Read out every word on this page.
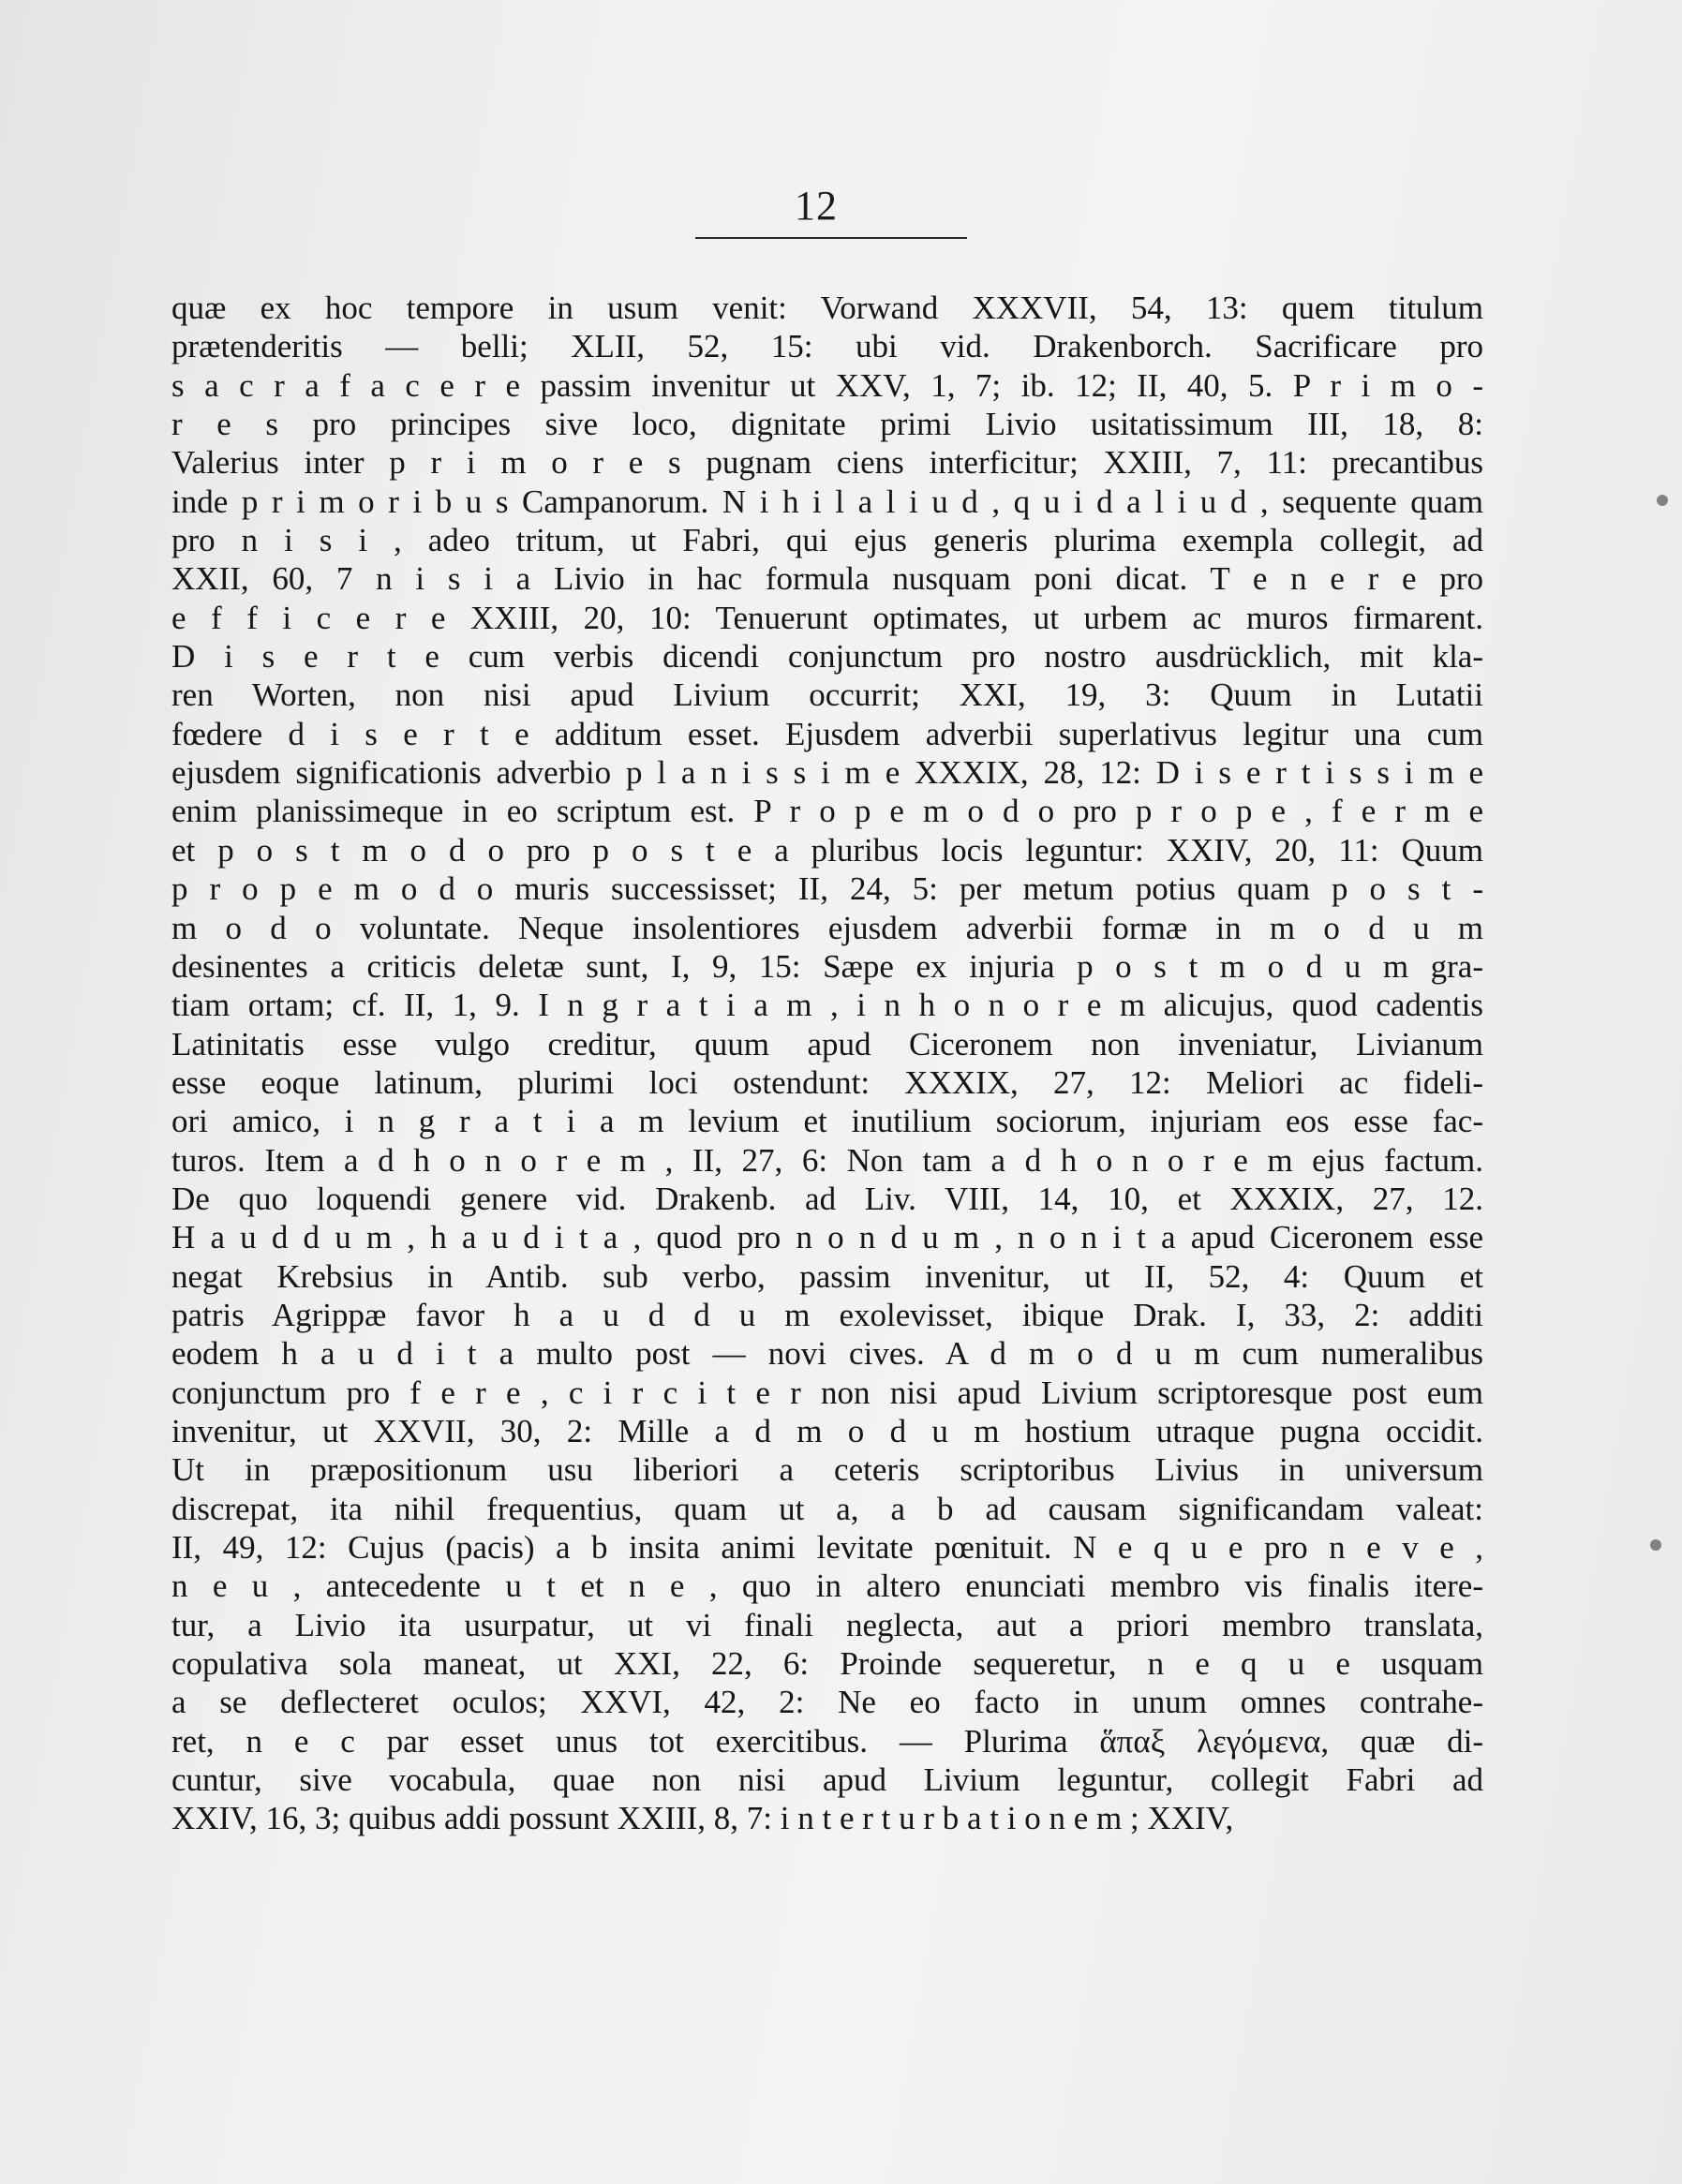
12
quæ ex hoc tempore in usum venit: Vorwand XXXVII, 54, 13: quem titulum
prætenderitis — belli; XLII, 52, 15: ubi vid. Drakenborch. Sacrificare pro
s a c r a f a c e r e passim invenitur ut XXV, 1, 7; ib. 12; II, 40, 5. P r i m o -
r e s pro principes sive loco, dignitate primi Livio usitatissimum III, 18, 8:
Valerius inter p r i m o r e s pugnam ciens interficitur; XXIII, 7, 11: precantibus
inde p r i m o r i b u s Campanorum. N i h i l a l i u d , q u i d a l i u d , sequente quam
pro n i s i , adeo tritum, ut Fabri, qui ejus generis plurima exempla collegit, ad
XXII, 60, 7 n i s i a Livio in hac formula nusquam poni dicat. T e n e r e pro
e f f i c e r e XXIII, 20, 10: Tenuerunt optimates, ut urbem ac muros firmarent.
D i s e r t e cum verbis dicendi conjunctum pro nostro ausdrücklich, mit kla-
ren Worten, non nisi apud Livium occurrit; XXI, 19, 3: Quum in Lutatii
fœdere d i s e r t e additum esset. Ejusdem adverbii superlativus legitur una cum
ejusdem significationis adverbio p l a n i s s i m e XXXIX, 28, 12: D i s e r t i s s i m e
enim planissimeque in eo scriptum est. P r o p e m o d o pro p r o p e , f e r m e
et p o s t m o d o pro p o s t e a pluribus locis leguntur: XXIV, 20, 11: Quum
p r o p e m o d o muris successisset; II, 24, 5: per metum potius quam p o s t -
m o d o voluntate. Neque insolentiores ejusdem adverbii formæ in m o d u m
desinentes a criticis deletæ sunt, I, 9, 15: Sæpe ex injuria p o s t m o d u m gra-
tiam ortam; cf. II, 1, 9. I n g r a t i a m , i n h o n o r e m alicujus, quod cadentis
Latinitatis esse vulgo creditur, quum apud Ciceronem non inveniatur, Livianum
esse eoque latinum, plurimi loci ostendunt: XXXIX, 27, 12: Meliori ac fideli-
ori amico, i n g r a t i a m levium et inutilium sociorum, injuriam eos esse fac-
turos. Item a d h o n o r e m , II, 27, 6: Non tam a d h o n o r e m ejus factum.
De quo loquendi genere vid. Drakenb. ad Liv. VIII, 14, 10, et XXXIX, 27, 12.
H a u d d u m , h a u d i t a , quod pro n o n d u m , n o n i t a apud Ciceronem esse
negat Krebsius in Antib. sub verbo, passim invenitur, ut II, 52, 4: Quum et
patris Agrippæ favor h a u d d u m exolevisset, ibique Drak. I, 33, 2: additi
eodem h a u d i t a multo post — novi cives. A d m o d u m cum numeralibus
conjunctum pro f e r e , c i r c i t e r non nisi apud Livium scriptoresque post eum
invenitur, ut XXVII, 30, 2: Mille a d m o d u m hostium utraque pugna occidit.
Ut in præpositionum usu liberiori a ceteris scriptoribus Livius in universum
discrepat, ita nihil frequentius, quam ut a, a b ad causam significandam valeat:
II, 49, 12: Cujus (pacis) a b insita animi levitate pœnituit. N e q u e pro n e v e ,
n e u , antecedente u t et n e , quo in altero enunciati membro vis finalis itere-
tur, a Livio ita usurpatur, ut vi finali neglecta, aut a priori membro translata,
copulativa sola maneat, ut XXI, 22, 6: Proinde sequeretur, n e q u e usquam
a se deflecteret oculos; XXVI, 42, 2: Ne eo facto in unum omnes contrahe-
ret, n e c par esset unus tot exercitibus. — Plurima ἅπαξ λεγόμενα, quæ di-
cuntur, sive vocabula, quae non nisi apud Livium leguntur, collegit Fabri ad
XXIV, 16, 3; quibus addi possunt XXIII, 8, 7: i n t e r t u r b a t i o n e m ; XXIV,
